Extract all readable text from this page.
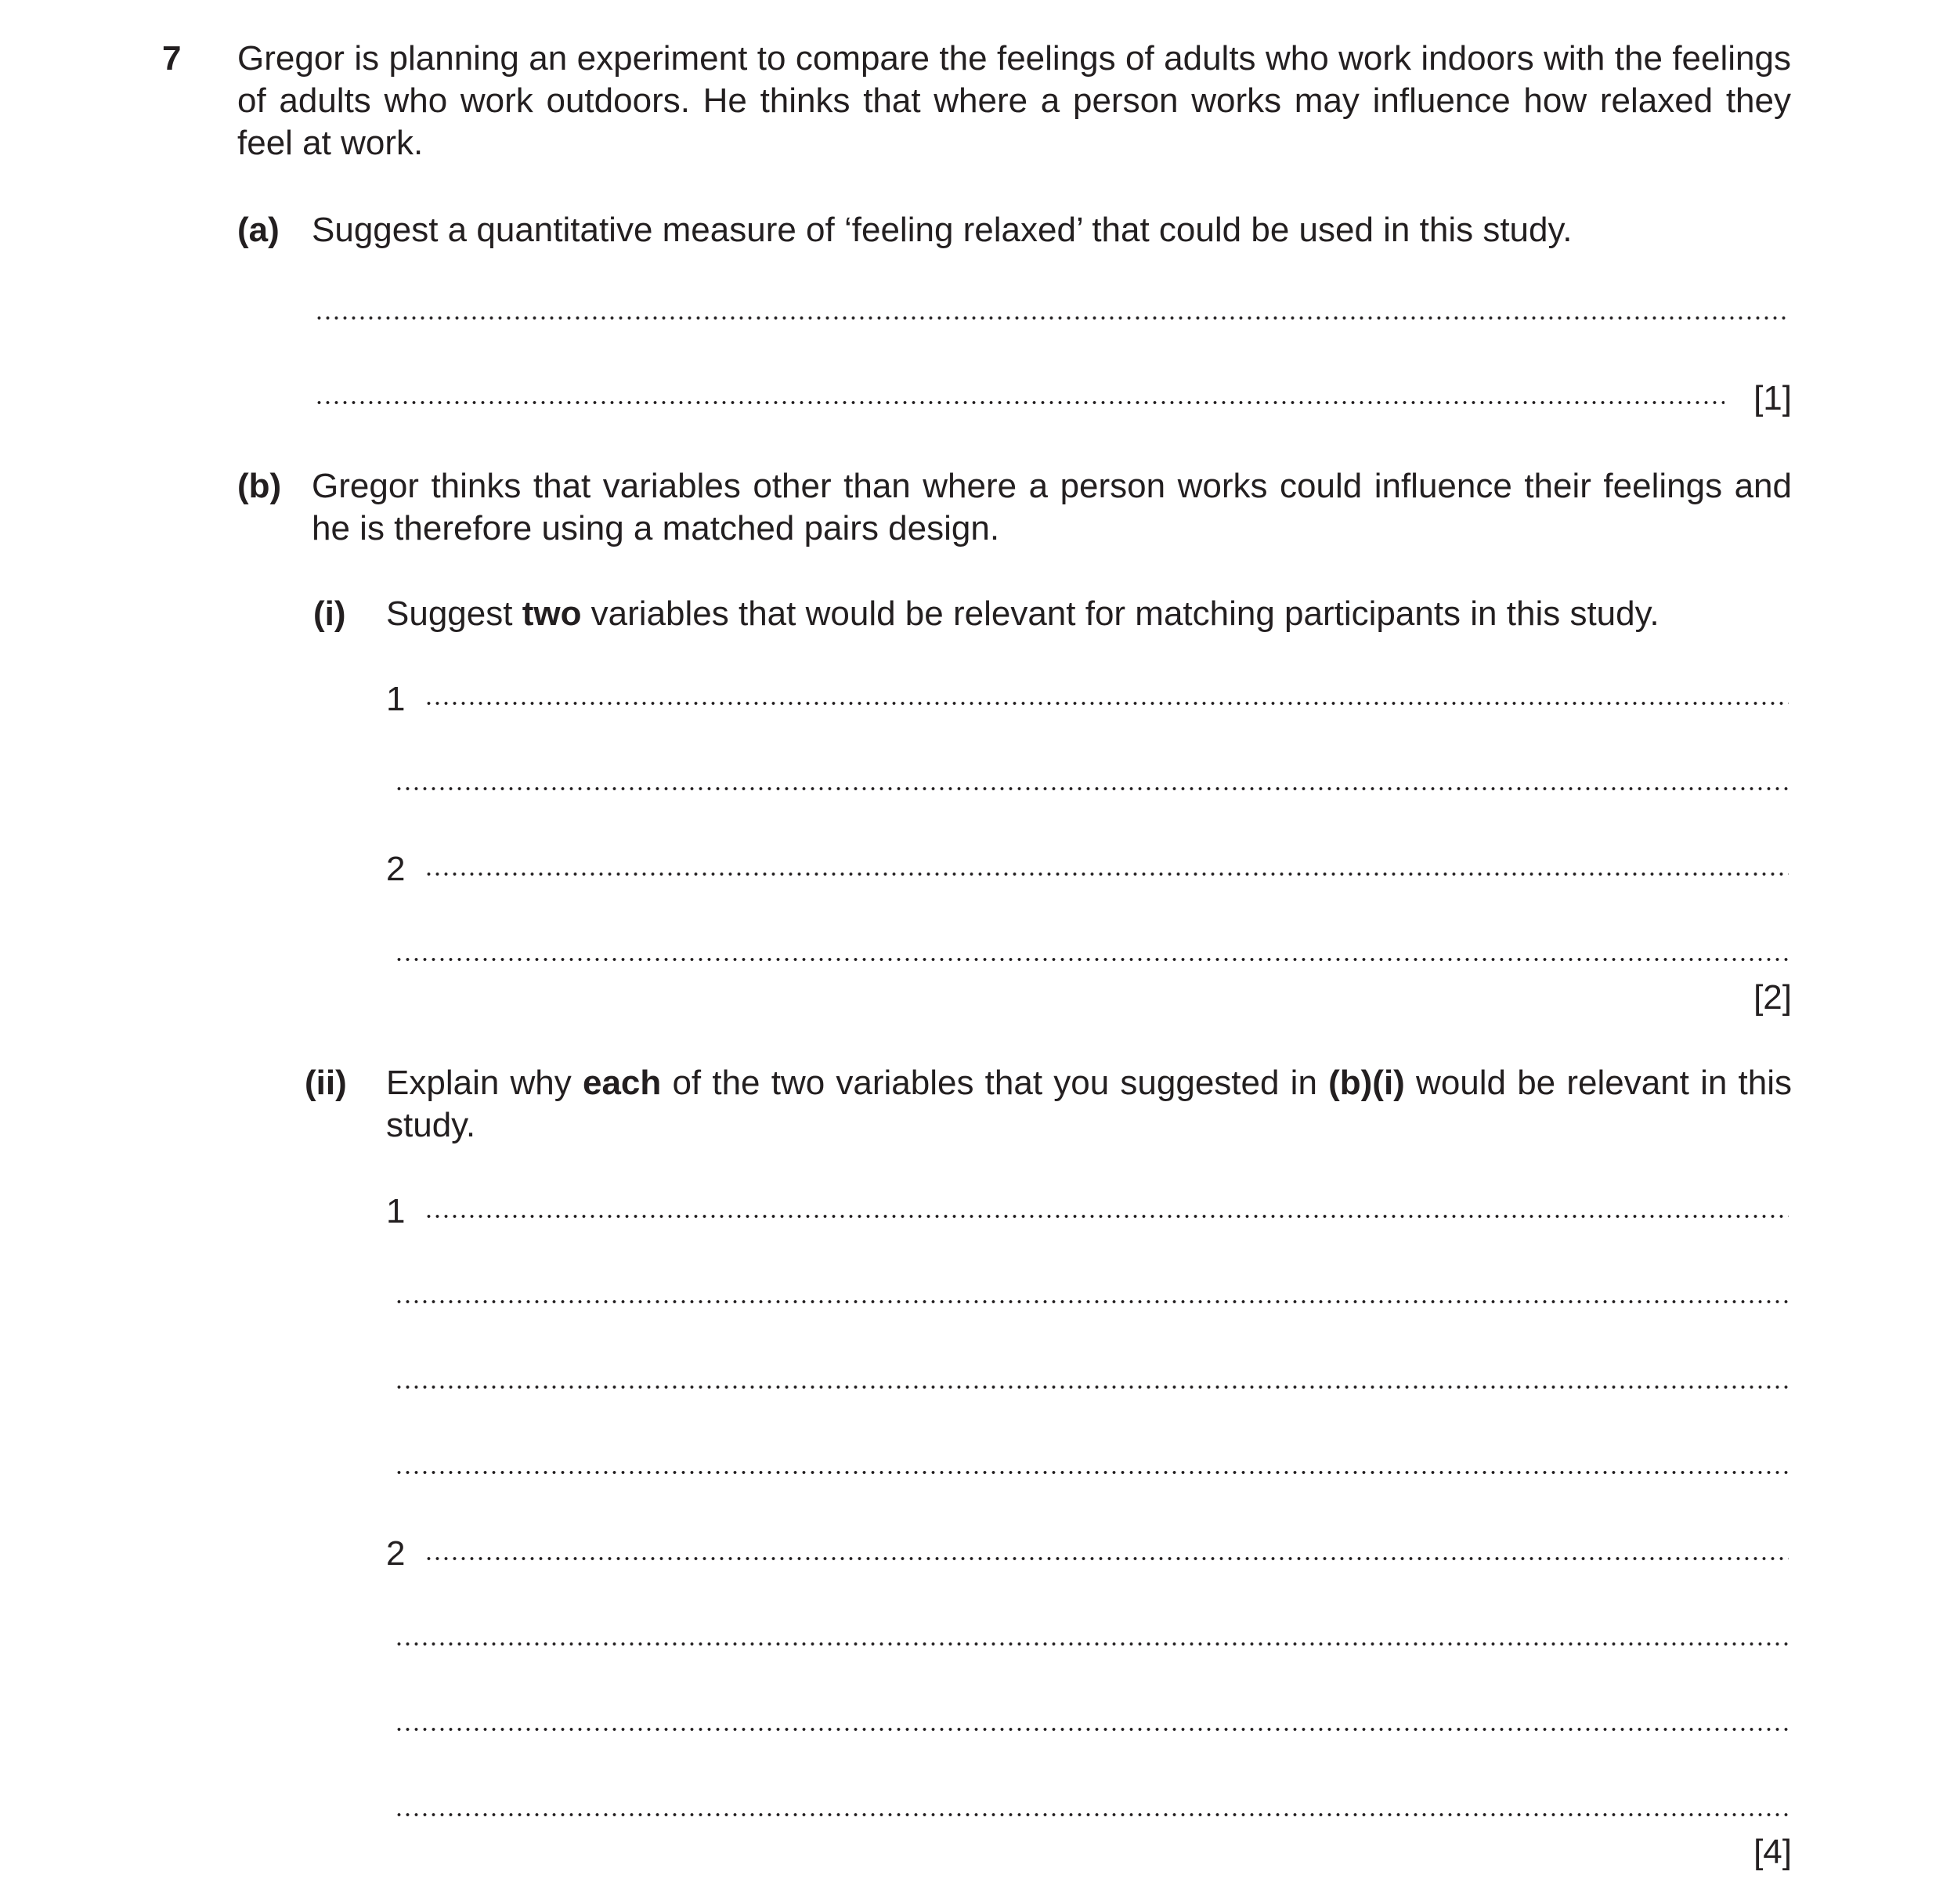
7 Gregor is planning an experiment to compare the feelings of adults who work indoors with the feelings of adults who work outdoors. He thinks that where a person works may influence how relaxed they feel at work.
(a) Suggest a quantitative measure of ‘feeling relaxed’ that could be used in this study.
[1]
(b) Gregor thinks that variables other than where a person works could influence their feelings and he is therefore using a matched pairs design.
(i) Suggest two variables that would be relevant for matching participants in this study.
1
2
[2]
(ii) Explain why each of the two variables that you suggested in (b)(i) would be relevant in this study.
1
2
[4]
